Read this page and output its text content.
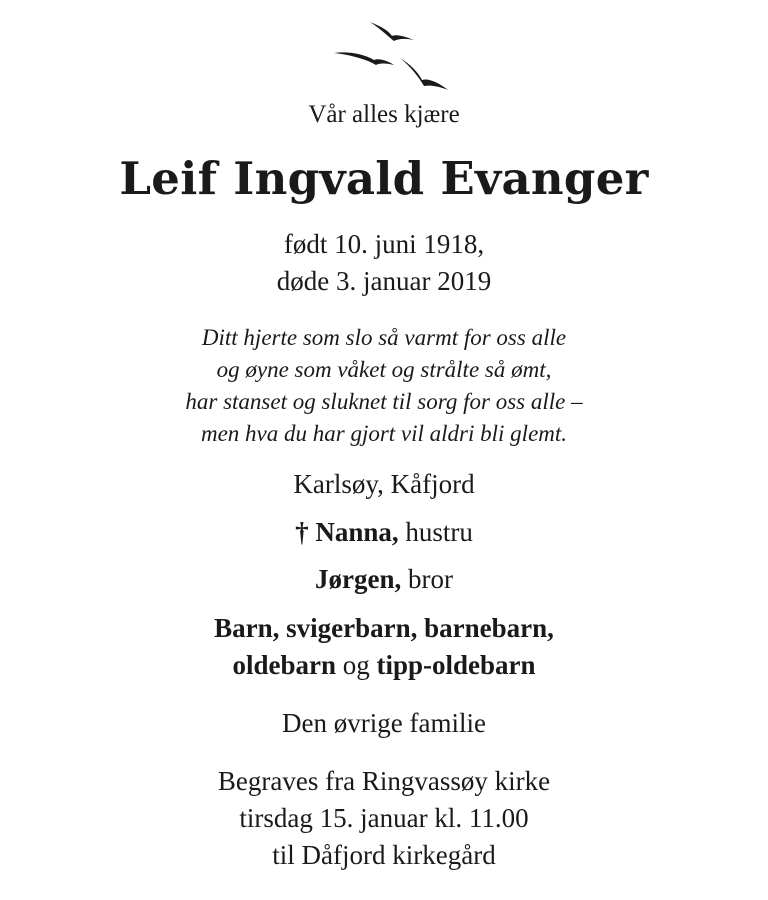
Vår alles kjære
Leif Ingvald Evanger
født 10. juni 1918,
døde 3. januar 2019
Ditt hjerte som slo så varmt for oss alle
og øyne som våket og strålte så ømt,
har stanset og sluknet til sorg for oss alle –
men hva du har gjort vil aldri bli glemt.
Karlsøy, Kåfjord
† Nanna, hustru
Jørgen, bror
Barn, svigerbarn, barnebarn,
oldebarn og tipp-oldebarn
Den øvrige familie
Begraves fra Ringvassøy kirke
tirsdag 15. januar kl. 11.00
til Dåfjord kirkegård
